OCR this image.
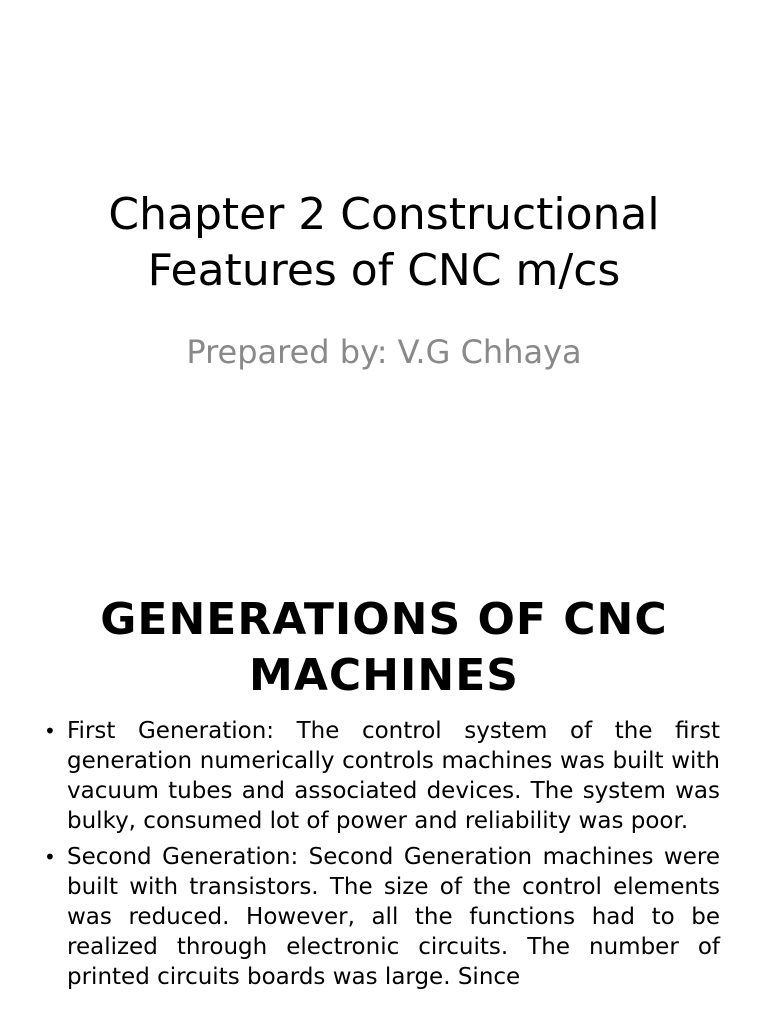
Chapter 2 Constructional Features of CNC m/cs
Prepared by: V.G Chhaya
GENERATIONS OF CNC MACHINES
• First Generation: The control system of the first generation numerically controls machines was built with vacuum tubes and associated devices. The system was bulky, consumed lot of power and reliability was poor.
• Second Generation: Second Generation machines were built with transistors. The size of the control elements was reduced. However, all the functions had to be realized through electronic circuits. The number of printed circuits boards was large. Since
